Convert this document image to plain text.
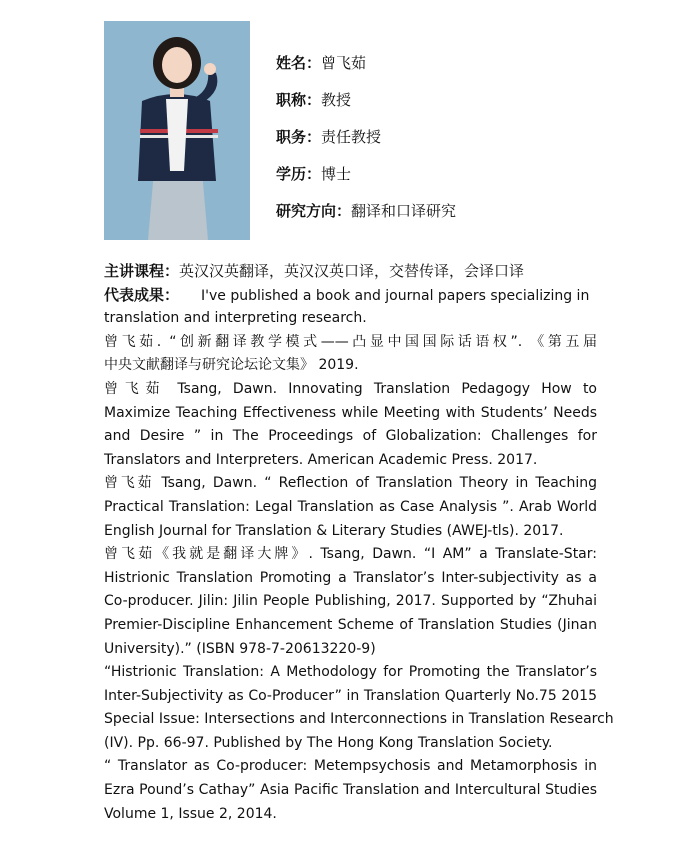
姓名：曾飞茹
职称：教授
职务：责任教授
学历：博士
研究方向：翻译和口译研究
主讲课程：英汉汉英翻译，英汉汉英口译，交替传译，会译口译
代表成果： I've published a book and journal papers specializing in
translation and interpreting research.
曾飞茹. “创新翻译教学模式——凸显中国国际话语权”. 《第五届
中央文献翻译与研究论坛论文集》 2019.
曾飞茹 Tsang, Dawn. Innovating Translation Pedagogy How to
Maximize Teaching Effectiveness while Meeting with Students’ Needs
and Desire ” in The Proceedings of Globalization: Challenges for
Translators and Interpreters. American Academic Press. 2017.
曾飞茹 Tsang, Dawn. “ Reflection of Translation Theory in Teaching
Practical Translation: Legal Translation as Case Analysis ”. Arab World
English Journal for Translation & Literary Studies (AWEJ-tls). 2017.
曾飞茹《我就是翻译大牌》. Tsang, Dawn. “I AM” a Translate-Star:
Histrionic Translation Promoting a Translator’s Inter-subjectivity as a
Co-producer. Jilin: Jilin People Publishing, 2017. Supported by “Zhuhai
Premier-Discipline Enhancement Scheme of Translation Studies (Jinan
University).” (ISBN 978-7-20613220-9)
“Histrionic Translation: A Methodology for Promoting the Translator’s
Inter-Subjectivity as Co-Producer” in Translation Quarterly No.75 2015
Special Issue: Intersections and Interconnections in Translation Research
(IV). Pp. 66-97. Published by The Hong Kong Translation Society.
“ Translator as Co-producer: Metempsychosis and Metamorphosis in
Ezra Pound’s Cathay” Asia Pacific Translation and Intercultural Studies
Volume 1, Issue 2, 2014.
